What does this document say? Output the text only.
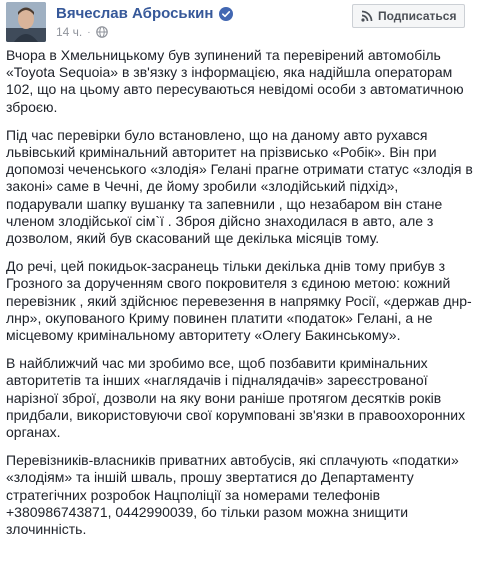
Вячеслав Аброськин
14 ч. ·
Подписаться

Вчора в Хмельницькому був зупинений та перевірений автомобіль «Toyota Sequoia» в зв'язку з інформацією, яка надійшла операторам 102, що на цьому авто пересуваються невідомі особи з автоматичною зброєю.

Під час перевірки було встановлено, що на даному авто рухався львівський кримінальний авторитет на прізвисько «Робік». Він при допомозі чеченського «злодія» Гелані прагне отримати статус «злодія в законі» саме в Чечні, де йому зробили «злодійський підхід», подарували шапку вушанку та запевнили , що незабаром він стане членом злодійської сім`ї . Зброя дійсно знаходилася в авто, але з дозволом, який був скасований ще декілька місяців тому.

До речі, цей покидьок-засранець тільки декілька днів тому прибув з Грозного за дорученням свого покровителя з єдиною метою: кожний перевізник , який здійснює перевезення в напрямку Росії, «держав днр-лнр», окупованого Криму повинен платити «податок» Гелані, а не місцевому кримінальному авторитету «Олегу Бакинському».

В найближчий час ми зробимо все, щоб позбавити кримінальних авторитетів та інших «наглядачів і підналядачів» зареєстрованої нарізної зброї, дозволи на яку вони раніше протягом десятків років придбали, використовуючи свої корумповані зв'язки в правоохоронних органах.

Перевізників-власників приватних автобусів, які сплачують «податки» «злодіям» та іншій шваль, прошу звертатися до Департаменту стратегічних розробок Нацполіції за номерами телефонів +380986743871, 0442990039, бо тільки разом можна знищити злочинність.
